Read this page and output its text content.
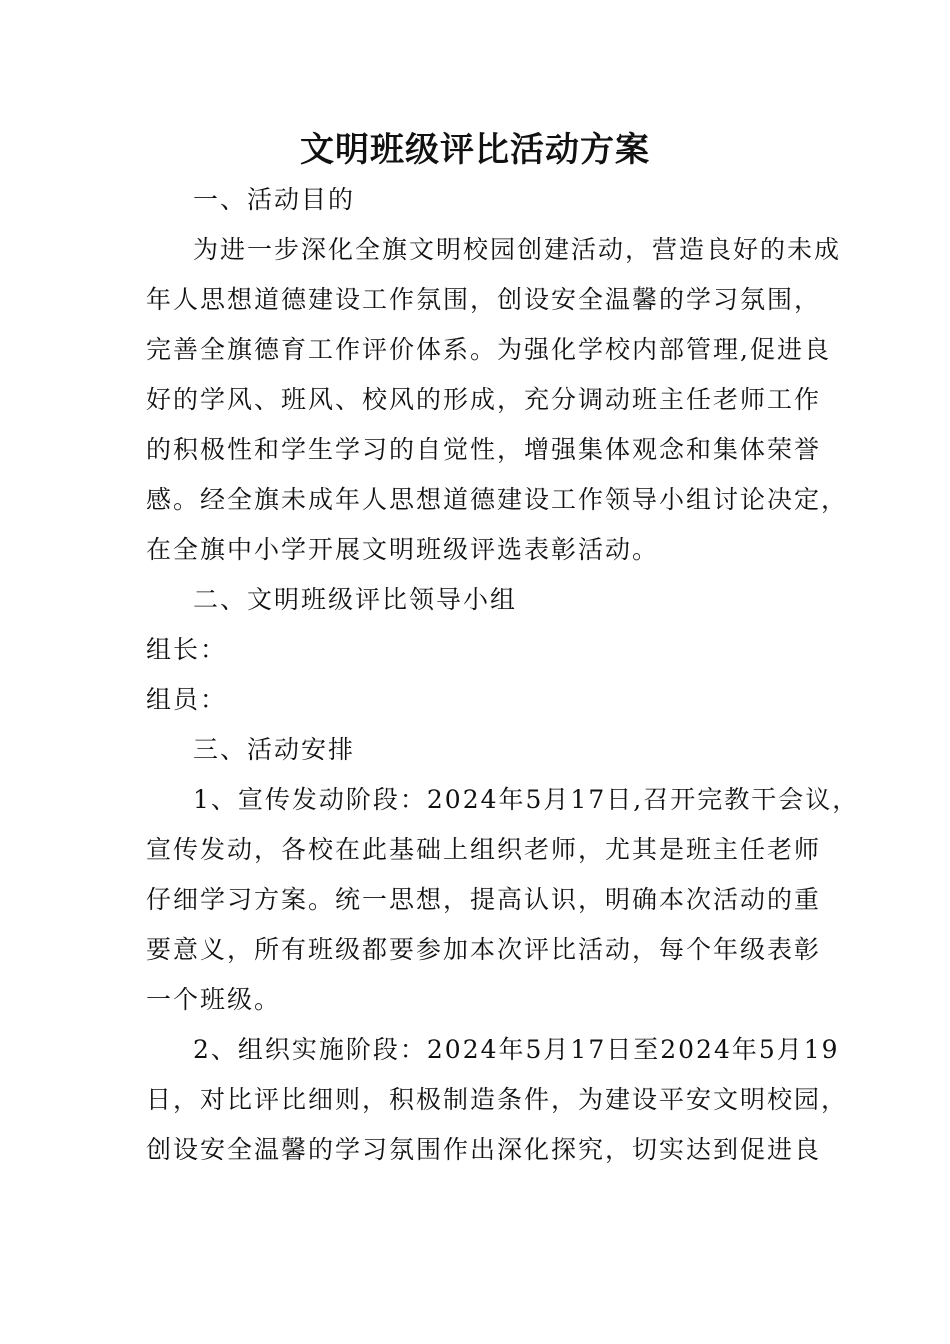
文明班级评比活动方案
一、活动目的
为进一步深化全旗文明校园创建活动，营造良好的未成
年人思想道德建设工作氛围，创设安全温馨的学习氛围，
完善全旗德育工作评价体系。为强化学校内部管理,促进良
好的学风、班风、校风的形成，充分调动班主任老师工作
的积极性和学生学习的自觉性，增强集体观念和集体荣誉
感。经全旗未成年人思想道德建设工作领导小组讨论决定，
在全旗中小学开展文明班级评选表彰活动。
二、文明班级评比领导小组
组长：
组员：
三、活动安排
1、宣传发动阶段：2024年5月17日,召开完教干会议，
宣传发动，各校在此基础上组织老师，尤其是班主任老师
仔细学习方案。统一思想，提高认识，明确本次活动的重
要意义，所有班级都要参加本次评比活动，每个年级表彰
一个班级。
2、组织实施阶段：2024年5月17日至2024年5月19
日，对比评比细则，积极制造条件，为建设平安文明校园，
创设安全温馨的学习氛围作出深化探究，切实达到促进良
